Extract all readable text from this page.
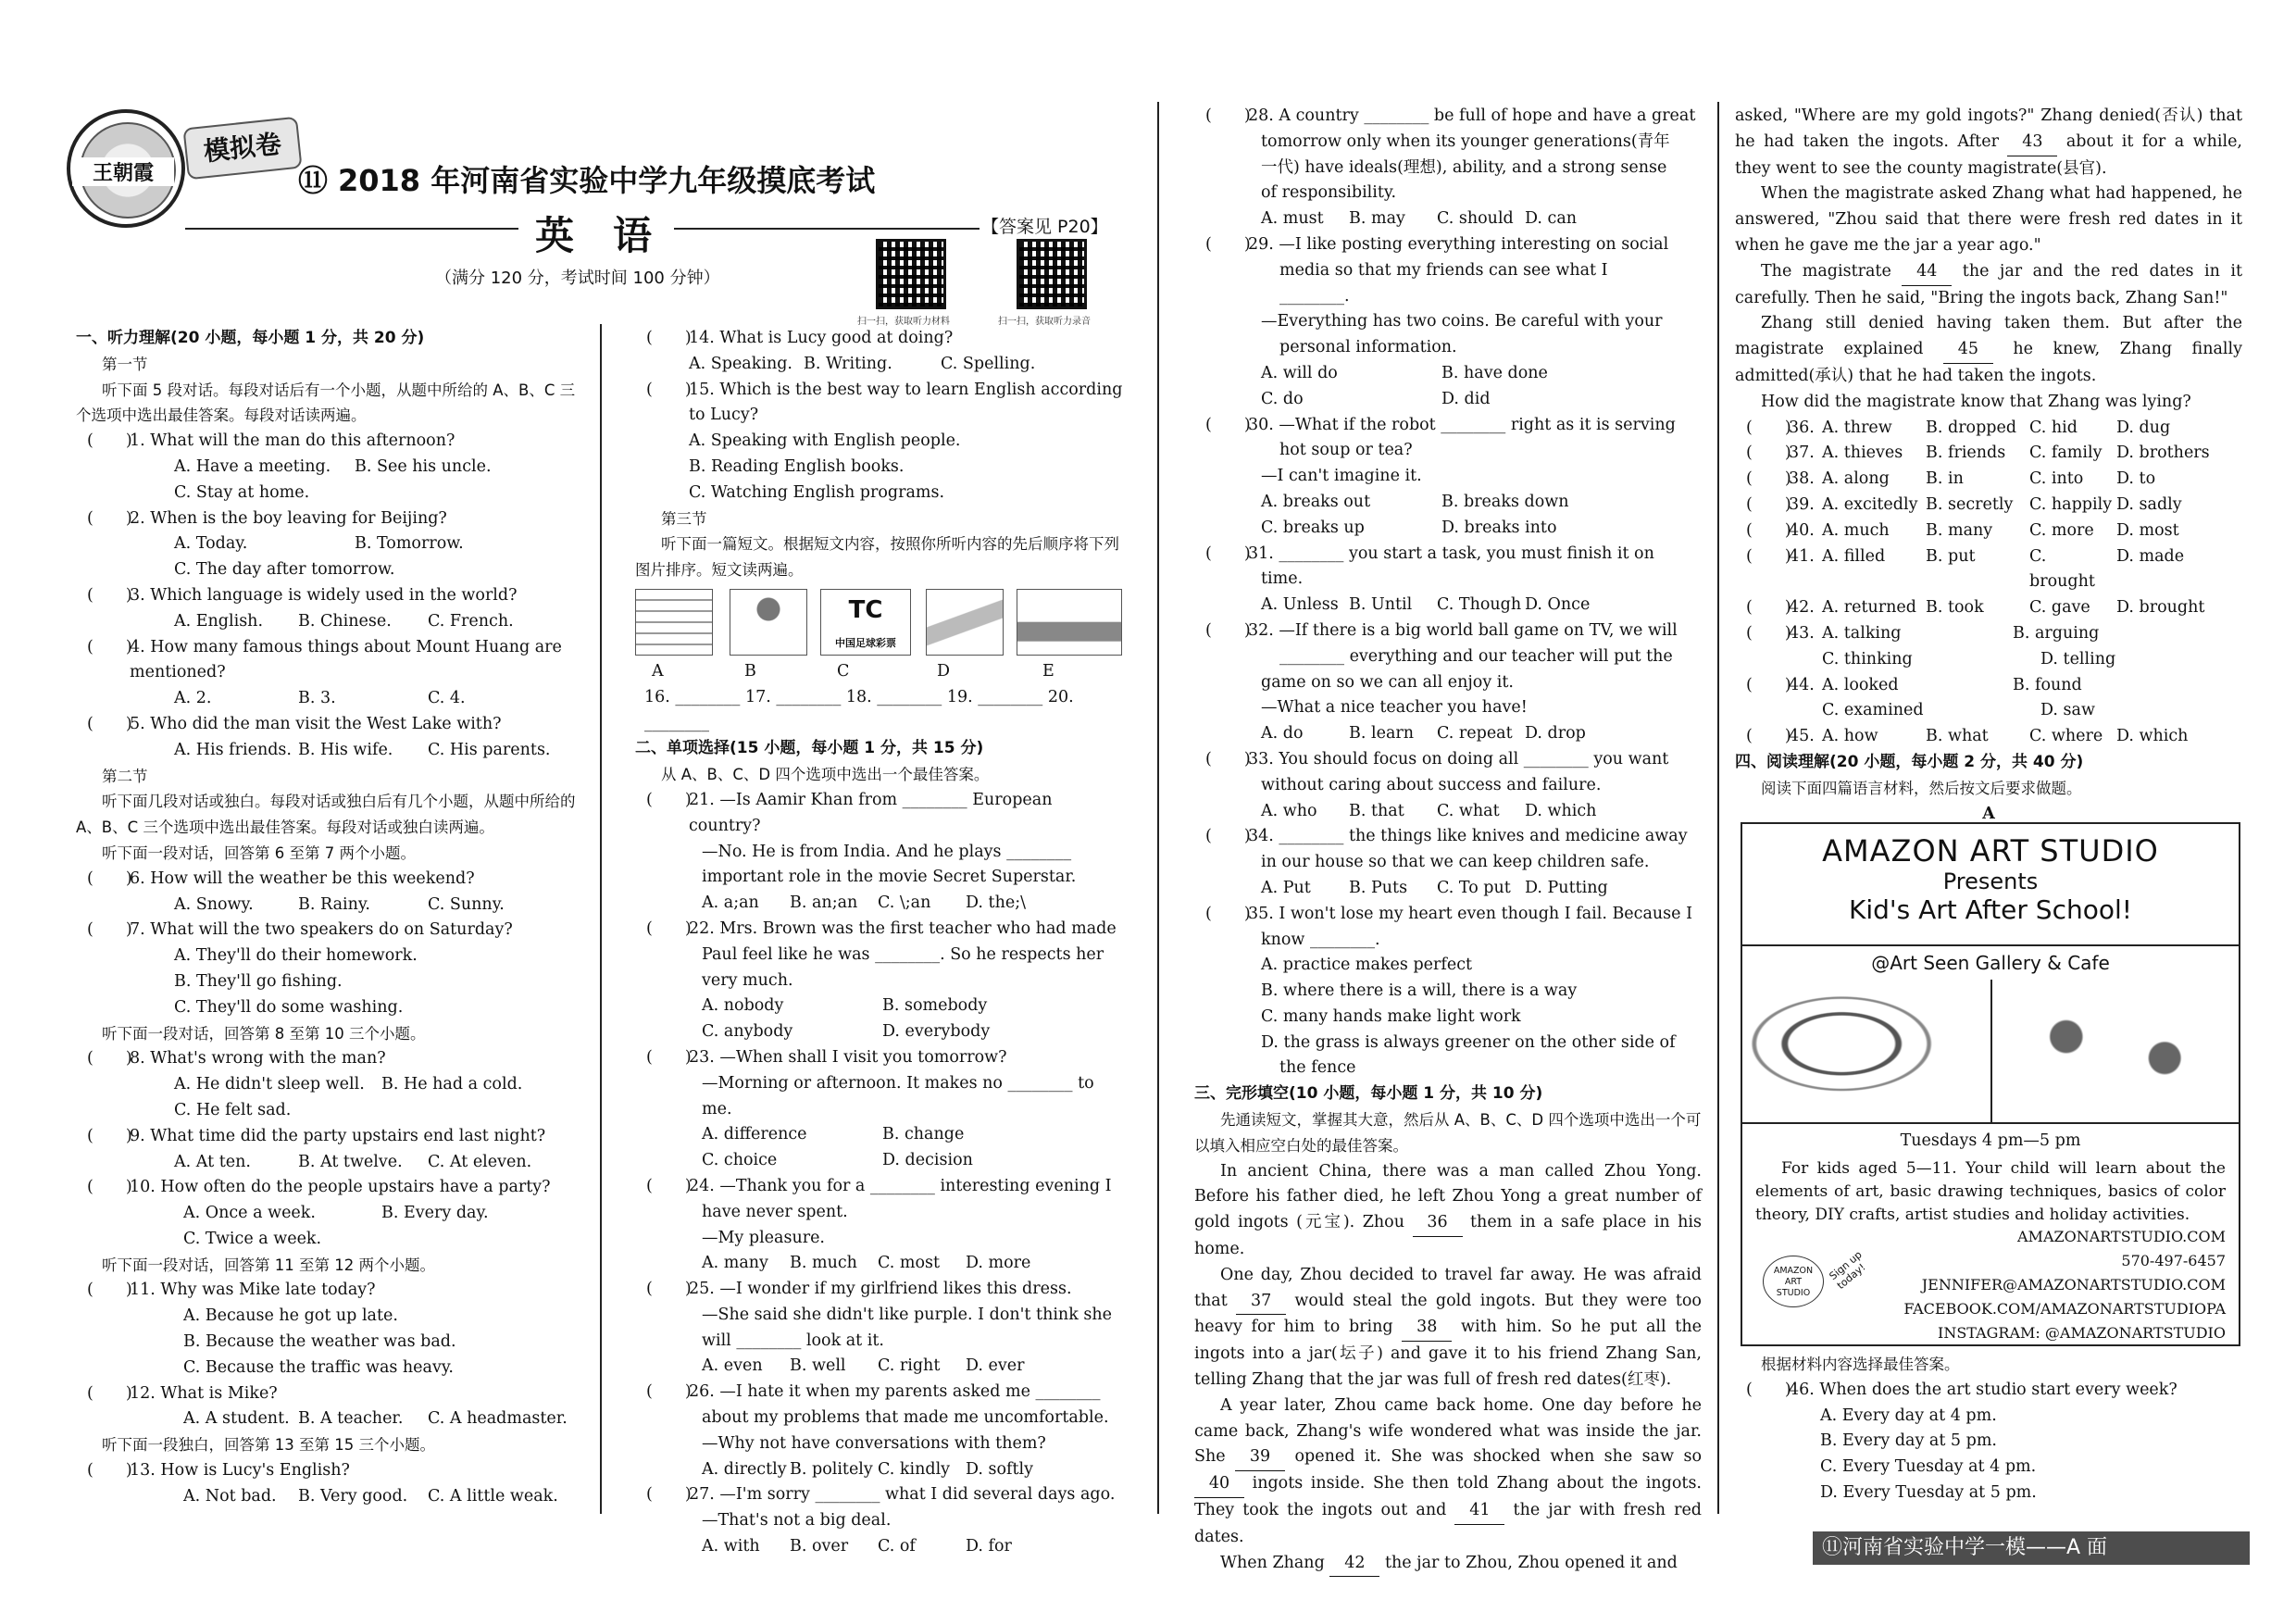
王朝霞
模拟卷
⑪ 2018 年河南省实验中学九年级摸底考试
英　语	【答案见 P20】
（满分 120 分，考试时间 100 分钟）
扫一扫，获取听力材料	扫一扫，获取听力录音

一、听力理解(20 小题，每小题 1 分，共 20 分)

第一节

听下面 5 段对话。每段对话后有一个小题，从题中所给的 A、B、C 三个选项中选出最佳答案。每段对话读两遍。

(　　)
1. What will the man do this afternoon?
A. Have a meeting.	B. See his uncle.
C. Stay at home.
(　　)
2. When is the boy leaving for Beijing?
A. Today.	B. Tomorrow.
C. The day after tomorrow.
(　　)
3. Which language is widely used in the world?
A. English.	B. Chinese.	C. French.
(　　)
4. How many famous things about Mount Huang are mentioned?
A. 2.	B. 3.	C. 4.
(　　)
5. Who did the man visit the West Lake with?
A. His friends. B. His wife.	C. His parents.

第二节

听下面几段对话或独白。每段对话或独白后有几个小题，从题中所给的 A、B、C 三个选项中选出最佳答案。每段对话或独白读两遍。

听下面一段对话，回答第 6 至第 7 两个小题。

(　　)
6. How will the weather be this weekend?
A. Snowy.	B. Rainy.	C. Sunny.
(　　)
7. What will the two speakers do on Saturday?
A. They'll do their homework.
B. They'll go fishing.
C. They'll do some washing.

听下面一段对话，回答第 8 至第 10 三个小题。

(　　)
8. What's wrong with the man?
A. He didn't sleep well.	B. He had a cold.
C. He felt sad.
(　　)
9. What time did the party upstairs end last night?
A. At ten.	B. At twelve.	C. At eleven.
(　　)
10. How often do the people upstairs have a party?
A. Once a week.	B. Every day.
C. Twice a week.

听下面一段对话，回答第 11 至第 12 两个小题。

(　　)
11. Why was Mike late today?
A. Because he got up late.
B. Because the weather was bad.
C. Because the traffic was heavy.
(　　)
12. What is Mike?
A. A student. B. A teacher.	C. A headmaster.

听下面一段独白，回答第 13 至第 15 三个小题。

(　　)
13. How is Lucy's English?
A. Not bad.	B. Very good.	C. A little weak.
(　　)
14. What is Lucy good at doing?
A. Speaking. B. Writing.	C. Spelling.
(　　)
15. Which is the best way to learn English according to Lucy?
A. Speaking with English people.
B. Reading English books.
C. Watching English programs.

第三节

听下面一篇短文。根据短文内容，按照你所听内容的先后顺序将下列图片排序。短文读两遍。

TC
中国足球彩票
A	B	C	D	E

16. ________ 17. ________ 18. ________ 19. ________ 20. ________

二、单项选择(15 小题，每小题 1 分，共 15 分)

从 A、B、C、D 四个选项中选出一个最佳答案。

(　　)
21. —Is Aamir Khan from ________ European country?
—No. He is from India. And he plays ________
important role in the movie Secret Superstar.
A. a;an	B. an;an	C. \;an	D. the;\
(　　)
22. Mrs. Brown was the first teacher who had made
Paul feel like he was ________. So he respects her
very much.
A. nobody	B. somebody
C. anybody	D. everybody
(　　)
23. —When shall I visit you tomorrow?
—Morning or afternoon. It makes no ________ to
me.
A. difference	B. change
C. choice	D. decision
(　　)
24. —Thank you for a ________ interesting evening I
have never spent.
—My pleasure.
A. many	B. much	C. most	D. more
(　　)
25. —I wonder if my girlfriend likes this dress.
—She said she didn't like purple. I don't think she
will ________ look at it.
A. even	B. well	C. right	D. ever
(　　)
26. —I hate it when my parents asked me ________
about my problems that made me uncomfortable.
—Why not have conversations with them?
A. directly B. politely C. kindly D. softly
(　　)
27. —I'm sorry ________ what I did several days ago.
—That's not a big deal.
A. with	B. over	C. of	D. for
(　　)
28. A country ________ be full of hope and have a great
tomorrow only when its younger generations(青年
一代) have ideals(理想), ability, and a strong sense
of responsibility.
A. must	B. may	C. should D. can
(　　)
29. —I like posting everything interesting on social
media so that my friends can see what I
________.
—Everything has two coins. Be careful with your
personal information.
A. will do	B. have done
C. do	D. did
(　　)
30. —What if the robot ________ right as it is serving
hot soup or tea?
—I can't imagine it.
A. breaks out	B. breaks down
C. breaks up	D. breaks into
(　　)
31. ________ you start a task, you must finish it on
time.
A. Unless B. Until	C. Though D. Once
(　　)
32. —If there is a big world ball game on TV, we will
________ everything and our teacher will put the
game on so we can all enjoy it.
—What a nice teacher you have!
A. do	B. learn	C. repeat D. drop
(　　)
33. You should focus on doing all ________ you want
without caring about success and failure.
A. who	B. that	C. what	D. which
(　　)
34. ________ the things like knives and medicine away
in our house so that we can keep children safe.
A. Put	B. Puts	C. To put D. Putting
(　　)
35. I won't lose my heart even though I fail. Because I
know ________.
A. practice makes perfect
B. where there is a will, there is a way
C. many hands make light work
D. the grass is always greener on the other side of
the fence

三、完形填空(10 小题，每小题 1 分，共 10 分)

先通读短文，掌握其大意，然后从 A、B、C、D 四个选项中选出一个可以填入相应空白处的最佳答案。

In ancient China, there was a man called Zhou Yong. Before his father died, he left Zhou Yong a great number of gold ingots (元宝). Zhou 36 them in a safe place in his home.

One day, Zhou decided to travel far away. He was afraid that 37 would steal the gold ingots. But they were too heavy for him to bring 38 with him. So he put all the ingots into a jar(坛子) and gave it to his friend Zhang San, telling Zhang that the jar was full of fresh red dates(红枣).

A year later, Zhou came back home. One day before he came back, Zhang's wife wondered what was inside the jar. She 39 opened it. She was shocked when she saw so 40 ingots inside. She then told Zhang about the ingots. They took the ingots out and 41 the jar with fresh red dates.

When Zhang 42 the jar to Zhou, Zhou opened it and

asked, "Where are my gold ingots?" Zhang denied(否认) that he had taken the ingots. After 43 about it for a while, they went to see the county magistrate(县官).

When the magistrate asked Zhang what had happened, he answered, "Zhou said that there were fresh red dates in it when he gave me the jar a year ago."

The magistrate 44 the jar and the red dates in it carefully. Then he said, "Bring the ingots back, Zhang San!"

Zhang still denied having taken them. But after the magistrate explained 45 he knew, Zhang finally admitted(承认) that he had taken the ingots.

How did the magistrate know that Zhang was lying?

(　　)
36. A. threw	B. dropped C. hid	D. dug
(　　)
37. A. thieves	B. friends	C. family D. brothers
(　　)
38. A. along	B. in	C. into	D. to
(　　)
39. A. excitedly B. secretly	C. happily D. sadly
(　　)
40. A. much	B. many	C. more	D. most
(　　)
41. A. filled	B. put	C. brought
D. made
(　　)
42. A. returned B. took	C. gave	D. brought
(　　)
43. A. talking	B. arguing
C. thinking	D. telling
(　　)
44. A. looked	B. found
C. examined	D. saw
(　　)
45. A. how	B. what	C. where D. which

四、阅读理解(20 小题，每小题 2 分，共 40 分)

阅读下面四篇语言材料，然后按文后要求做题。

A

AMAZON ART STUDIO
Presents
Kid's Art After School!
@Art Seen Gallery & Cafe
Tuesdays 4 pm—5 pm
For kids aged 5—11. Your child will learn about the elements of art, basic drawing techniques, basics of color theory, DIY crafts, artist studies and holiday activities.
AMAZONARTSTUDIO.COM
570-497-6457
JENNIFER@AMAZONARTSTUDIO.COM
FACEBOOK.COM/AMAZONARTSTUDIOPA
INSTAGRAM: @AMAZONARTSTUDIO
AMAZON
ART
STUDIO
Sign up today!

根据材料内容选择最佳答案。

(　　)
46. When does the art studio start every week?
A. Every day at 4 pm.
B. Every day at 5 pm.
C. Every Tuesday at 4 pm.
D. Every Tuesday at 5 pm.
⑪河南省实验中学一模——A 面
